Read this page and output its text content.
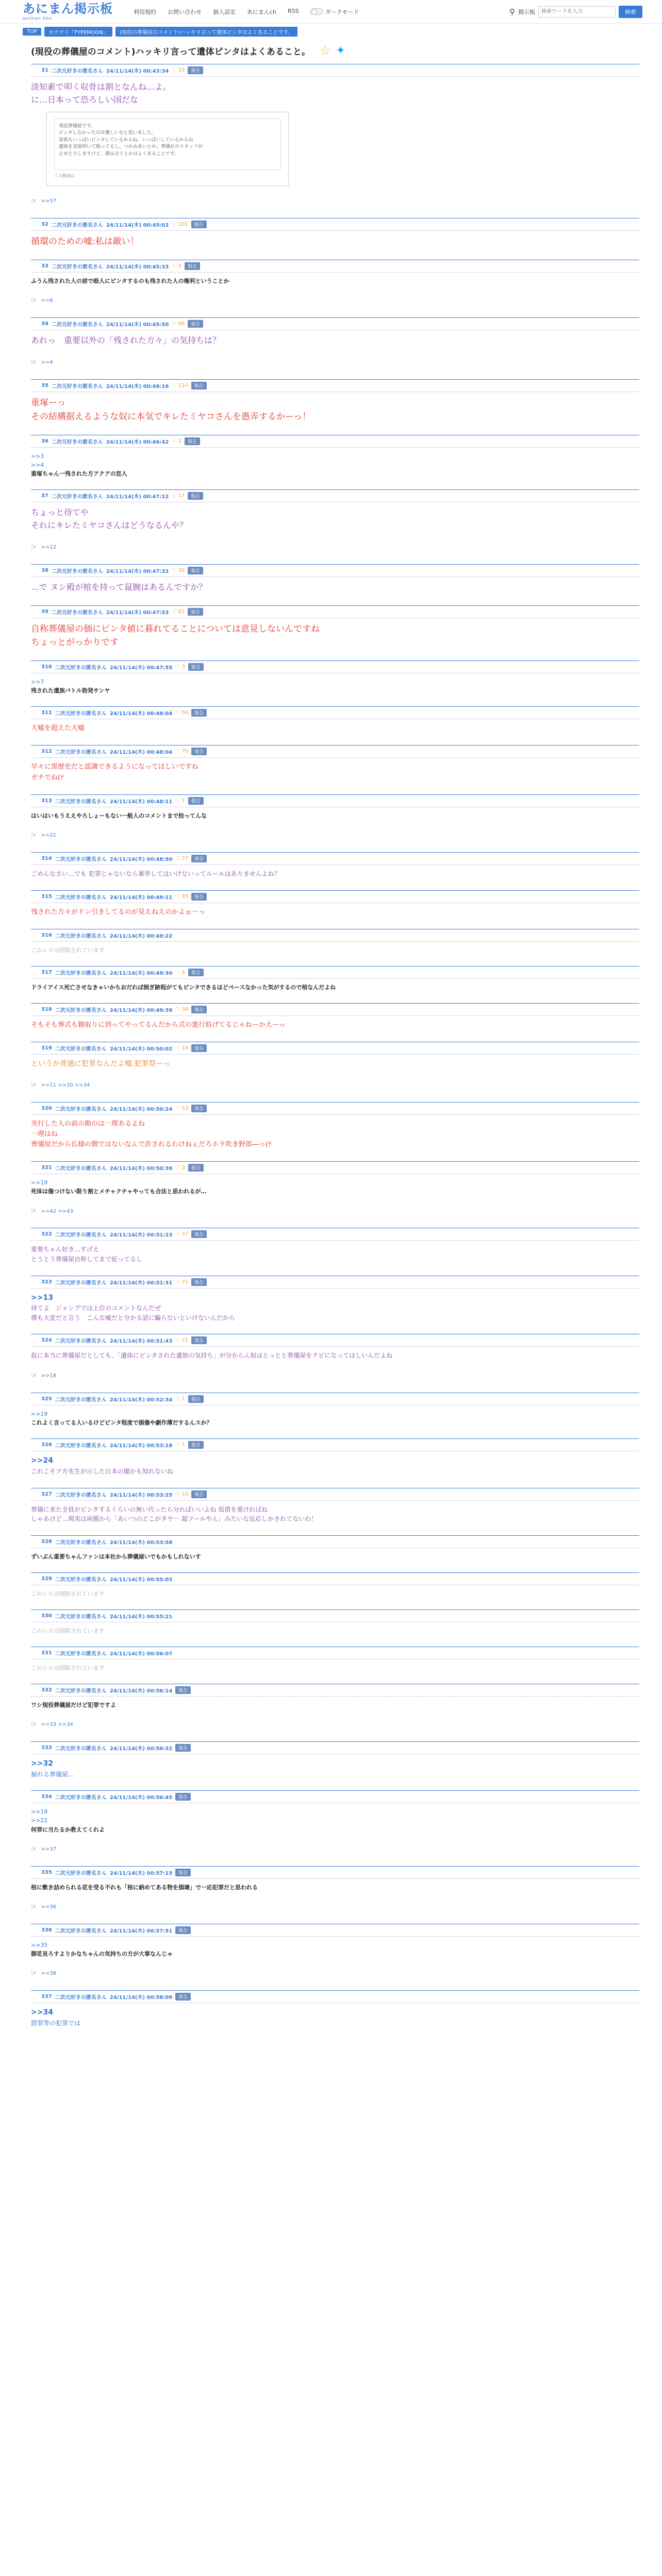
あにまん掲示板
animan bbs
利用規約 お問い合わせ 個人設定 あにまんch RSS	ダークモード	⚲ 掲示板
検索ワードを入力	検索
TOP	カテゴリ「TYPEMOON」	(現役の葬儀屋のコメント)ハッキリ言って遺体ピンタはよくあることです。
(現役の葬儀屋のコメント)ハッキリ言って遺体ピンタはよくあること。 ☆ ✦
31 二次元好きの匿名さん 24/11/14(木) 00:43:34 ♡ 33	報告
淡知素で叩く収骨は割となんね…よ。
に…日本って恐ろしい国だな
現役葬儀屋です。
ピンタしなかったのは優しいなと思いました。
家族もいっぱいピンタしているからね。いっぱいしているからね
遺体を直接叩いて殴ってるし、つかみあいとか。葬儀社のスタッフが
止めたりしますけど、揉み合うとかはよくあることです。
この動画は
☞ >>57
32 二次元好きの匿名さん 24/11/14(木) 00:45:02 ♡ 101	報告
循環のための嘘:私は敵い！
33 二次元好きの匿名さん 24/11/14(木) 00:45:33 ♡ 5	報告
ふうん残された人の前で殴人にピンタするのも残された人の権利ということか
☞ >>6
34 二次元好きの匿名さん 24/11/14(木) 00:45:50 ♡ 66	報告
あれっ　重要以外の「残された方々」の気持ちは？
☞ >>4
35 二次元好きの匿名さん 24/11/14(木) 00:46:16 ♡ 110	報告
重塚ーっ
その結構据えるような奴に本気でキレたミヤコさんを愚弄するかーっ！
36 二次元好きの匿名さん 24/11/14(木) 00:46:42 ♡ 1	報告
>>3
>>4
重塚ちゃん一残された方アクアの恋人
37 二次元好きの匿名さん 24/11/14(木) 00:47:12 ♡ 17	報告
ちょっと待てや
それにキレたミヤコさんはどうなるんや？
☞ >>12
38 二次元好きの匿名さん 24/11/14(木) 00:47:32 ♡ 30	報告
…で ヌシ殿が棺を持って鼠腕はあるんですか？
39 二次元好きの匿名さん 24/11/14(木) 00:47:53 ♡ 61	報告
自称葬儀屋の価にピンタ値に暮れてることについては意見しないんですね
ちょっとがっかりです
310 二次元好きの匿名さん 24/11/14(木) 00:47:55 ♡ 3	報告
>>7
残された遺族バトル勃発サンヤ
311 二次元好きの匿名さん 24/11/14(木) 00:48:04 ♡ 56	報告
大嘘を超えた大嘘
312 二次元好きの匿名さん 24/11/14(木) 00:48:04 ♡ 70	報告
早々に黒歴史だと認識できるようになってほしいですね
ガチでね(ﾃ
313 二次元好きの匿名さん 24/11/14(木) 00:48:11 ♡ 1	報告
はいはいもうええやろしょーもない一般人のコメントまで拾ってんな
☞ >>21
314 二次元好きの匿名さん 24/11/14(木) 00:48:50 ♡ 27	報告
ごめんなさい…でも 犯罪じゃないなら暴挙してはいけないってルールはありませんよね？
315 二次元好きの匿名さん 24/11/14(木) 00:49:11 ♡ 45	報告
残された方々がドン引きしてるのが見えねえのかよぉ～っ
316 二次元好きの匿名さん 24/11/14(木) 00:49:22
このレスは削除されています
317 二次元好きの匿名さん 24/11/14(木) 00:49:30 ♡ 4	報告
ドライアイス死亡させなきゃいかちおだれば倒ぎ跡程がてもピンタできるほどペースなかった気がするので棺なんだよね
318 二次元好きの匿名さん 24/11/14(木) 00:49:39 ♡ 38	報告
そもそも葬式も籍取りに到ってやってるんだから式の進行妨げてるじゃねーかえーっ
319 二次元好きの匿名さん 24/11/14(木) 00:50:02 ♡ 19	報告
というか普通に犯罪なんだよ嘘.犯罪祭ーっ
☞ >>11 >>20 >>34
320 二次元好きの匿名さん 24/11/14(木) 00:50:24 ♡ 53	報告
実行した人の前の勘のは一理あるよね
一理はね
葬儀屋だから仏様の側ではないなんで許されるわけねぇだろホラ吹き野郎―っ(ﾃ
321 二次元好きの匿名さん 24/11/14(木) 00:50:38 ♡ 3	報告
>>19
死体は傷つけない限り割とメチャクチャやっても合法と思われるが…
☞ >>42 >>43
322 二次元好きの匿名さん 24/11/14(木) 00:51:23 ♡ 37	報告
重要ちゃん好き…すげえ
とうとう葬儀屋自称してまで庇ってるし
323 二次元好きの匿名さん 24/11/14(木) 00:51:31 ♡ 21	報告
>>13
待てよ　ジャンプでは上位のコメントなんだぜ
僕も大変だと言う　こんな嘘だと分かる話に騙らないといけないんだから
324 二次元好きの匿名さん 24/11/14(木) 00:51:43 ♡ 21	報告
仮に本当に葬儀屋だとしても、「遺体にピンタされた遺族の気持ち」が分からん奴はとっとと葬儀屋をクビになってほしいんだよね
☞ >>18
325 二次元好きの匿名さん 24/11/14(木) 00:52:34 ♡ 1	報告
>>19
これよく言ってる人いるけどピンタ程度で損傷や劇作薄だするんスか？
326 二次元好きの匿名さん 24/11/14(木) 00:53:18 ♡ 1	報告
>>24
これこそア方先生が示した日本の闇かも知れないね
327 二次元好きの匿名さん 24/11/14(木) 00:53:25 ♡ 10	報告
葬儀に来た全員がピンタするくらいの無い代ったら分ればいいよね 仮借を重ければね
しゃあけど…現実は両親から「あいつのどこがタヤ一 超フールやん」みたいな反応しかされてないわ！
328 二次元好きの匿名さん 24/11/14(木) 00:53:58
ずいぶん重要ちゃんファンは本社から葬儀屋いでもかもしれないす
329 二次元好きの匿名さん 24/11/14(木) 00:55:03
このレスは削除されています
330 二次元好きの匿名さん 24/11/14(木) 00:55:21
このレスは削除されています
331 二次元好きの匿名さん 24/11/14(木) 00:56:07
このレスは削除されています
332 二次元好きの匿名さん 24/11/14(木) 00:56:14	報告
ワシ規役葬儀屋だけど犯罪ですよ
☞ >>33 >>34
333 二次元好きの匿名さん 24/11/14(木) 00:56:32	報告
>>32
揃れる葬儀屋...
334 二次元好きの匿名さん 24/11/14(木) 00:56:45	報告
>>19
>>22
何罪に当たるか教えてくれよ
☞ >>37
335 二次元好きの匿名さん 24/11/14(木) 00:57:15	報告
棺に敷き詰められる花を受る不れも「棺に納めてある物を損壊」で一応犯罪だと思われる
☞ >>36
336 二次元好きの匿名さん 24/11/14(木) 00:57:51	報告
>>35
御花見ろすよりかなちゃんの気持ちの方が大事なんじゃ
☞ >>38
337 二次元好きの匿名さん 24/11/14(木) 00:58:09	報告
>>34
罰罪等の犯罪では
